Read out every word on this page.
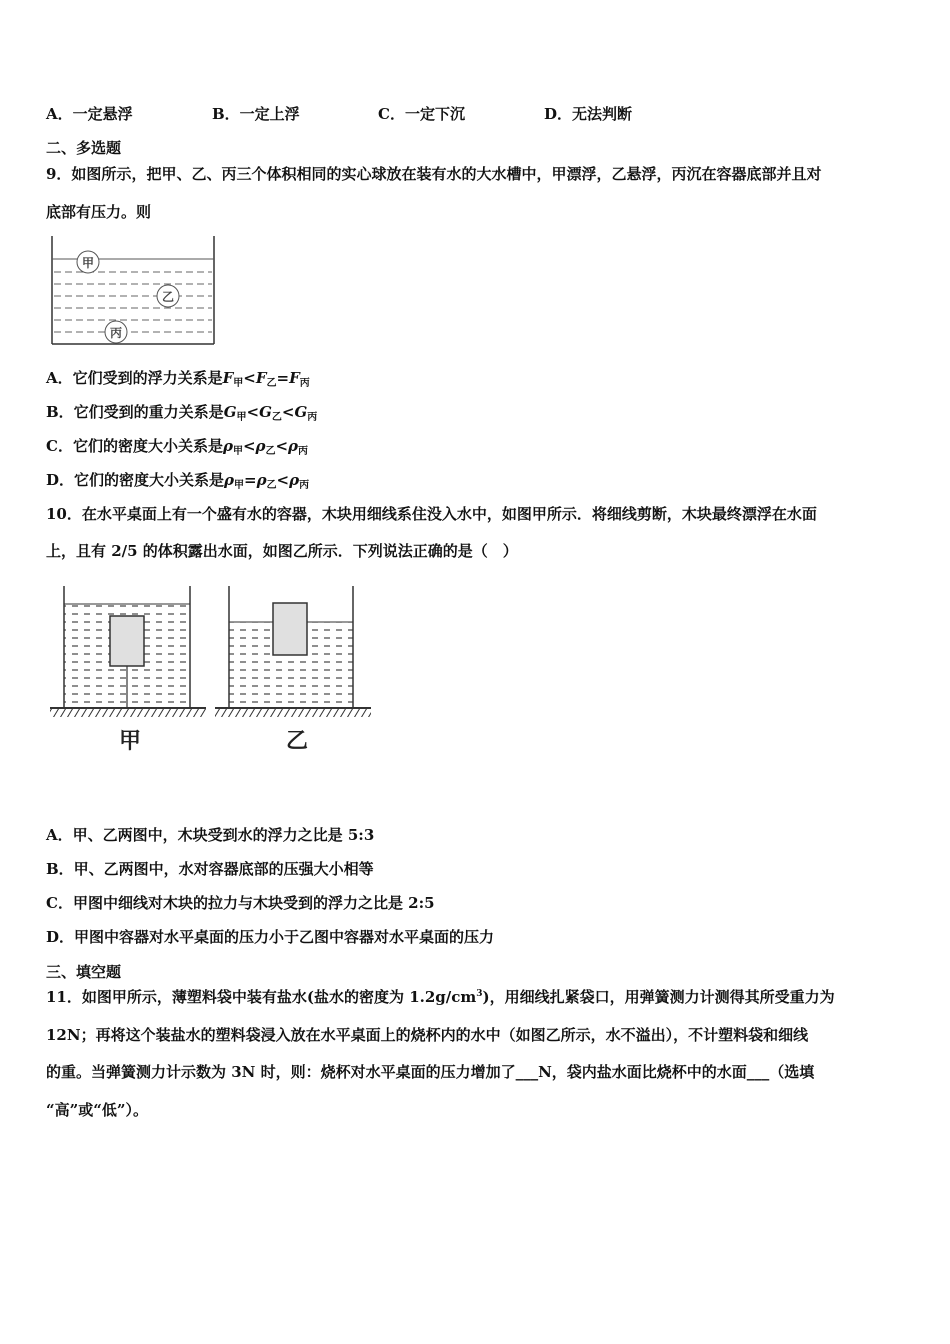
A．一定悬浮	B．一定上浮	C．一定下沉	D．无法判断
二、多选题
9．如图所示，把甲、乙、丙三个体积相同的实心球放在装有水的大水槽中，甲漂浮，乙悬浮，丙沉在容器底部并且对
底部有压力。则
甲
乙
丙
A．它们受到的浮力关系是$F_甲<F_乙=F_丙$
B．它们受到的重力关系是$G_甲<G_乙<G_丙$
C．它们的密度大小关系是$\rho_甲<\rho_乙<\rho_丙$
D．它们的密度大小关系是$\rho_甲=\rho_乙<\rho_丙$
10．在水平桌面上有一个盛有水的容器，木块用细线系住没入水中，如图甲所示．将细线剪断，木块最终漂浮在水面
上，且有 2/5 的体积露出水面，如图乙所示．下列说法正确的是（　）
甲	乙
A．甲、乙两图中，木块受到水的浮力之比是 5:3
B．甲、乙两图中，水对容器底部的压强大小相等
C．甲图中细线对木块的拉力与木块受到的浮力之比是 2:5
D．甲图中容器对水平桌面的压力小于乙图中容器对水平桌面的压力
三、填空题
11．如图甲所示，薄塑料袋中装有盐水(盐水的密度为 $1.2g/cm^3$)，用细线扎紧袋口，用弹簧测力计测得其所受重力为
12N；再将这个装盐水的塑料袋浸入放在水平桌面上的烧杯内的水中（如图乙所示，水不溢出），不计塑料袋和细线
的重。当弹簧测力计示数为 3N 时，则：烧杯对水平桌面的压力增加了___N，袋内盐水面比烧杯中的水面___（选填
“高”或“低”）。
